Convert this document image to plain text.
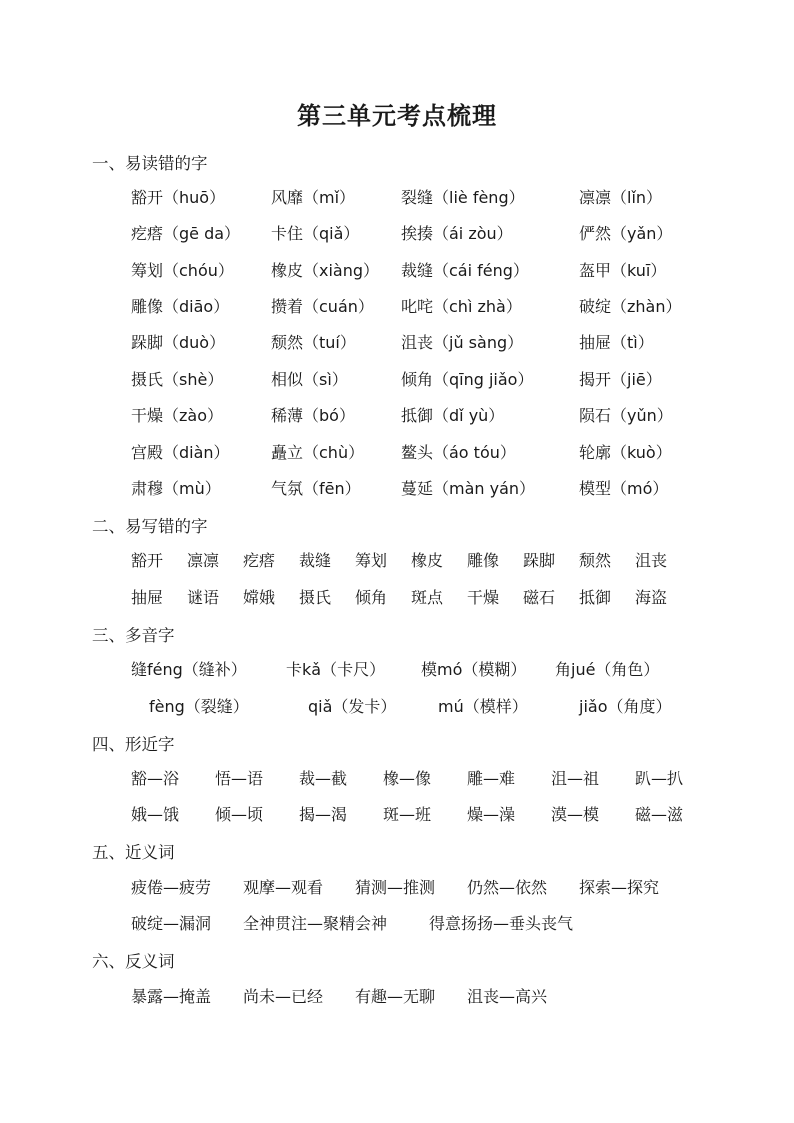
第三单元考点梳理
一、易读错的字
豁开（huō）	风靡（mǐ）	裂缝（liè fèng）	凛凛（lǐn）
疙瘩（gē da） 卡住（qiǎ）	挨揍（ái zòu）	俨然（yǎn）
筹划（chóu） 橡皮（xiàng） 裁缝（cái féng）	盔甲（kuī）
雕像（diāo）	攒着（cuán） 叱咤（chì zhà）	破绽（zhàn）
跺脚（duò）	颓然（tuí）	沮丧（jǔ sàng）	抽屉（tì）
摄氏（shè）	相似（sì）	倾角（qīng jiǎo）	揭开（jiē）
干燥（zào）	稀薄（bó）	抵御（dǐ yù）	陨石（yǔn）
宫殿（diàn）	矗立（chù） 鳌头（áo tóu）	轮廓（kuò）
肃穆（mù）	气氛（fēn）	蔓延（màn yán）	模型（mó）
二、易写错的字
豁开 凛凛 疙瘩 裁缝 筹划 橡皮 雕像 跺脚 颓然 沮丧
抽屉 谜语 嫦娥 摄氏 倾角 斑点 干燥 磁石 抵御 海盗
三、多音字
缝féng（缝补） 卡kǎ（卡尺） 模mó（模糊） 角jué（角色）
fèng（裂缝）	qiǎ（发卡）	mú（模样）	jiǎo（角度）
四、形近字
豁—浴 悟—语 裁—截 橡—像 雕—难 沮—祖 趴—扒
娥—饿 倾—顷 揭—渴 斑—班 燥—澡 漠—模 磁—滋
五、近义词
疲倦—疲劳 观摩—观看 猜测—推测 仍然—依然 探索—探究
破绽—漏洞 全神贯注—聚精会神	得意扬扬—垂头丧气
六、反义词
暴露—掩盖 尚未—已经 有趣—无聊 沮丧—高兴
